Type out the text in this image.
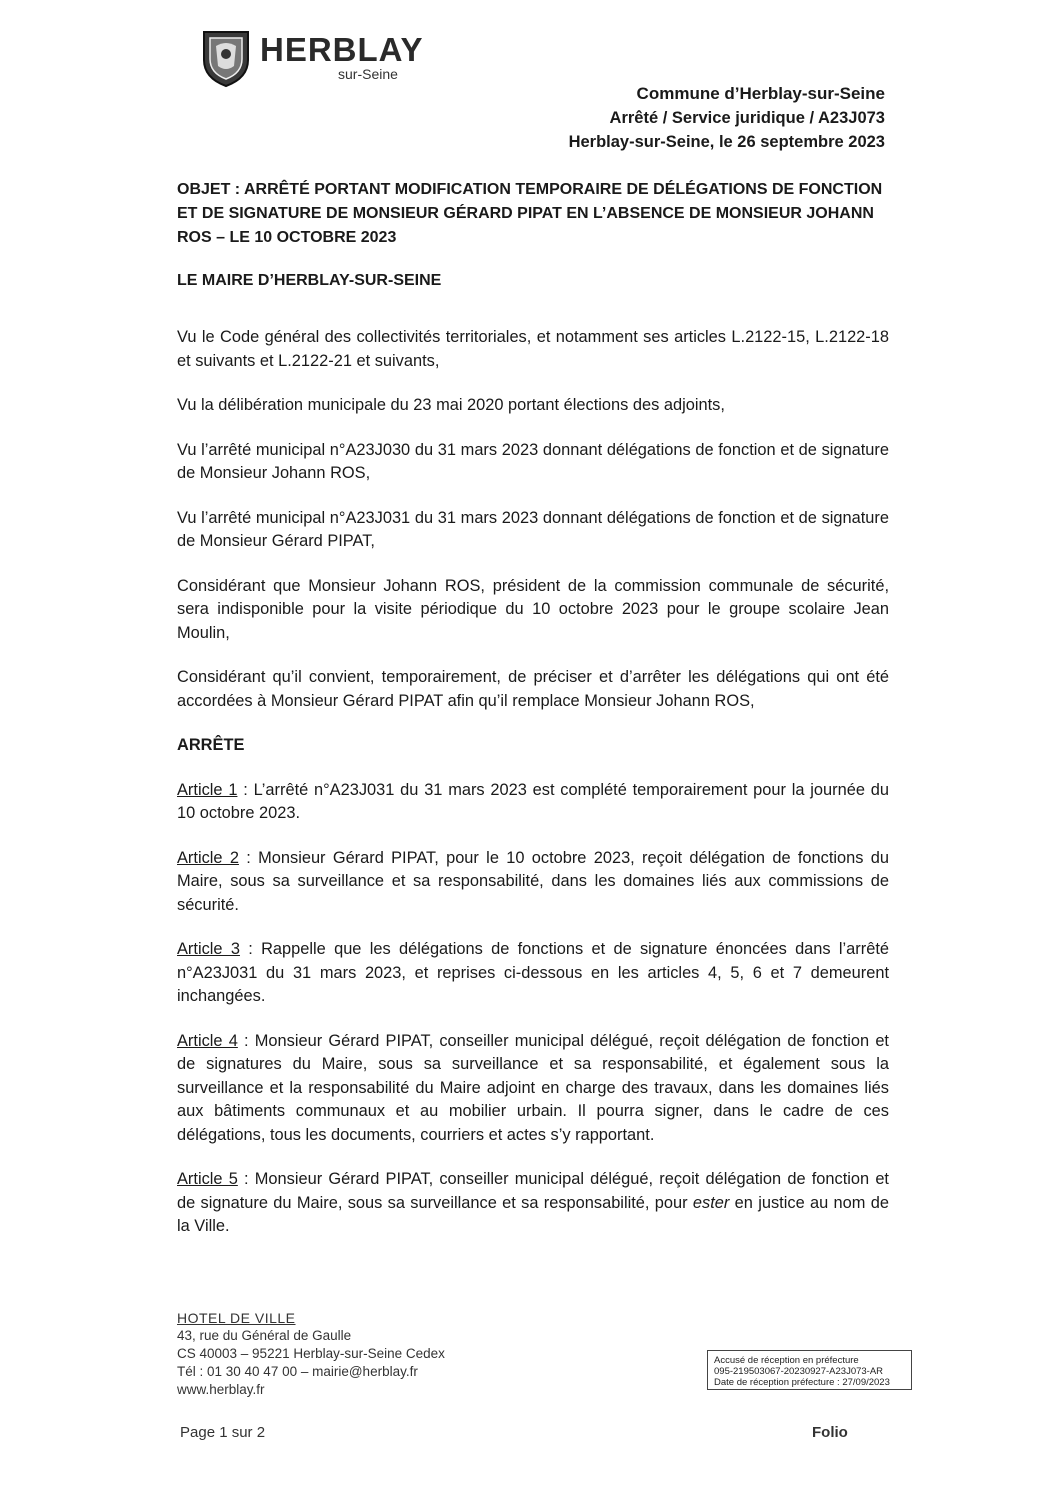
HERBLAY
sur-Seine
Commune d’Herblay-sur-Seine
Arrêté / Service juridique / A23J073
Herblay-sur-Seine, le 26 septembre 2023
OBJET : ARRÊTÉ PORTANT MODIFICATION TEMPORAIRE DE DÉLÉGATIONS DE FONCTION ET DE SIGNATURE DE MONSIEUR GÉRARD PIPAT EN L’ABSENCE DE MONSIEUR JOHANN ROS – LE 10 OCTOBRE 2023
LE MAIRE D’HERBLAY-SUR-SEINE

Vu le Code général des collectivités territoriales, et notamment ses articles L.2122-15, L.2122-18 et suivants et L.2122-21 et suivants,

Vu la délibération municipale du 23 mai 2020 portant élections des adjoints,

Vu l’arrêté municipal n°A23J030 du 31 mars 2023 donnant délégations de fonction et de signature de Monsieur Johann ROS,

Vu l’arrêté municipal n°A23J031 du 31 mars 2023 donnant délégations de fonction et de signature de Monsieur Gérard PIPAT,

Considérant que Monsieur Johann ROS, président de la commission communale de sécurité, sera indisponible pour la visite périodique du 10 octobre 2023 pour le groupe scolaire Jean Moulin,

Considérant qu’il convient, temporairement, de préciser et d’arrêter les délégations qui ont été accordées à Monsieur Gérard PIPAT afin qu’il remplace Monsieur Johann ROS,

ARRÊTE

Article 1 : L’arrêté n°A23J031 du 31 mars 2023 est complété temporairement pour la journée du 10 octobre 2023.

Article 2 : Monsieur Gérard PIPAT, pour le 10 octobre 2023, reçoit délégation de fonctions du Maire, sous sa surveillance et sa responsabilité, dans les domaines liés aux commissions de sécurité.

Article 3 : Rappelle que les délégations de fonctions et de signature énoncées dans l’arrêté n°A23J031 du 31 mars 2023, et reprises ci-dessous en les articles 4, 5, 6 et 7 demeurent inchangées.

Article 4 : Monsieur Gérard PIPAT, conseiller municipal délégué, reçoit délégation de fonction et de signatures du Maire, sous sa surveillance et sa responsabilité, et également sous la surveillance et la responsabilité du Maire adjoint en charge des travaux, dans les domaines liés aux bâtiments communaux et au mobilier urbain. Il pourra signer, dans le cadre de ces délégations, tous les documents, courriers et actes s’y rapportant.

Article 5 : Monsieur Gérard PIPAT, conseiller municipal délégué, reçoit délégation de fonction et de signature du Maire, sous sa surveillance et sa responsabilité, pour ester en justice au nom de la Ville.

HOTEL DE VILLE
43, rue du Général de Gaulle
CS 40003 – 95221 Herblay-sur-Seine Cedex
Tél : 01 30 40 47 00 – mairie@herblay.fr
www.herblay.fr
Accusé de réception en préfecture
095-219503067-20230927-A23J073-AR
Date de réception préfecture : 27/09/2023
Page 1 sur 2	Folio
